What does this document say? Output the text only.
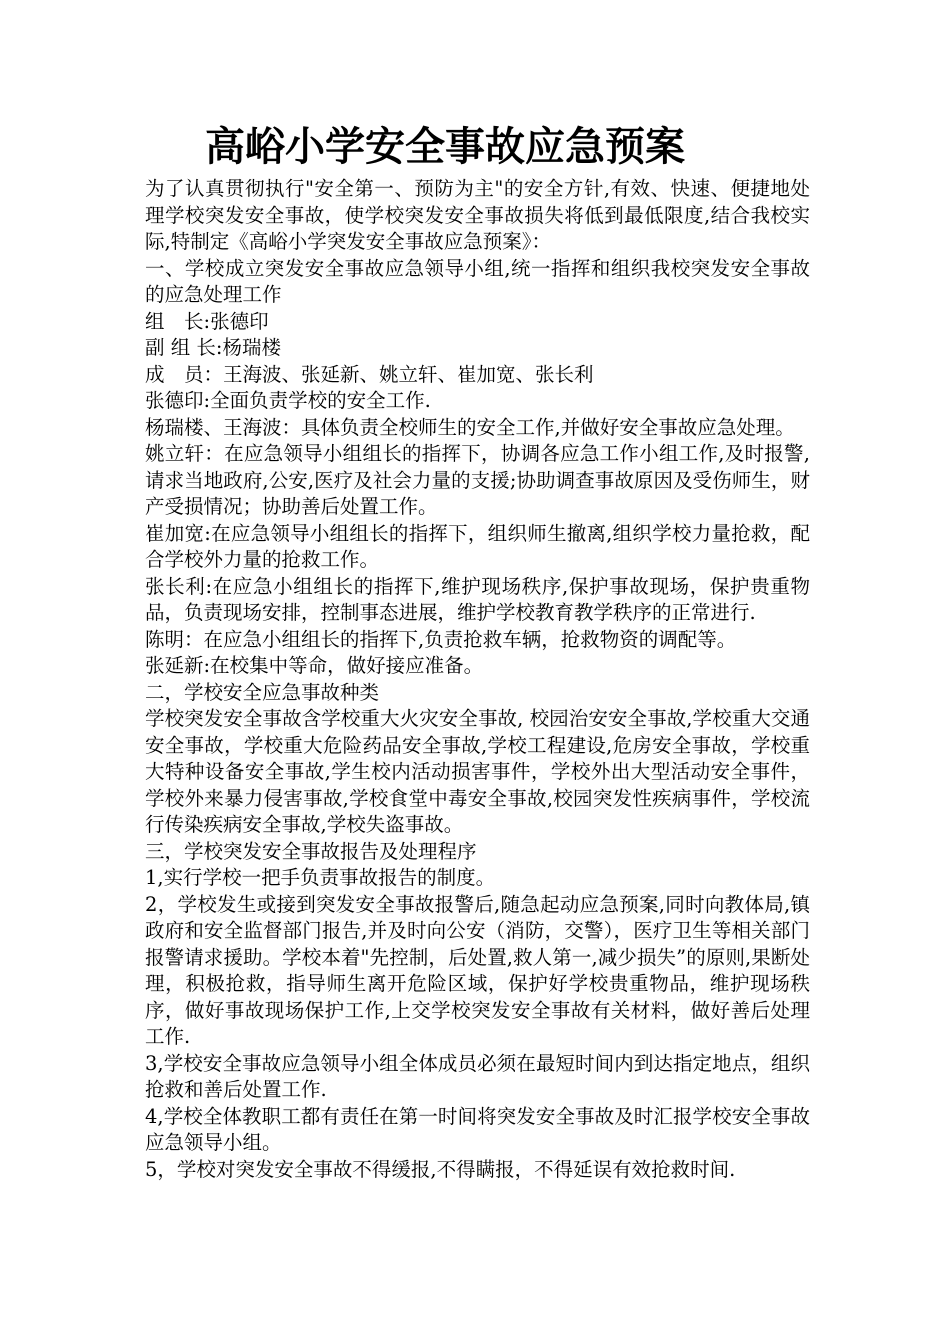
高峪小学安全事故应急预案

为了认真贯彻执行"安全第一、预防为主"的安全方针,有效、快速、便捷地处理学校突发安全事故，使学校突发安全事故损失将低到最低限度,结合我校实际,特制定《高峪小学突发安全事故应急预案》：

一、学校成立突发安全事故应急领导小组,统一指挥和组织我校突发安全事故的应急处理工作

组　长:张德印

副 组 长:杨瑞楼

成　员：王海波、张延新、姚立轩、崔加宽、张长利

张德印:全面负责学校的安全工作.

杨瑞楼、王海波：具体负责全校师生的安全工作,并做好安全事故应急处理。

姚立轩：在应急领导小组组长的指挥下，协调各应急工作小组工作,及时报警,请求当地政府,公安,医疗及社会力量的支援;协助调查事故原因及受伤师生，财产受损情况；协助善后处置工作。

崔加宽:在应急领导小组组长的指挥下，组织师生撤离,组织学校力量抢救，配合学校外力量的抢救工作。

张长利:在应急小组组长的指挥下,维护现场秩序,保护事故现场，保护贵重物品，负责现场安排，控制事态进展，维护学校教育教学秩序的正常进行.

陈明：在应急小组组长的指挥下,负责抢救车辆，抢救物资的调配等。

张延新:在校集中等命，做好接应准备。

二，学校安全应急事故种类

学校突发安全事故含学校重大火灾安全事故, 校园治安安全事故,学校重大交通安全事故，学校重大危险药品安全事故,学校工程建设,危房安全事故，学校重大特种设备安全事故,学生校内活动损害事件，学校外出大型活动安全事件，学校外来暴力侵害事故,学校食堂中毒安全事故,校园突发性疾病事件，学校流行传染疾病安全事故,学校失盗事故。

三，学校突发安全事故报告及处理程序

1,实行学校一把手负责事故报告的制度。

2，学校发生或接到突发安全事故报警后,随急起动应急预案,同时向教体局,镇政府和安全监督部门报告,并及时向公安（消防，交警），医疗卫生等相关部门报警请求援助。学校本着"先控制，后处置,救人第一,减少损失”的原则,果断处理，积极抢救，指导师生离开危险区域，保护好学校贵重物品，维护现场秩序，做好事故现场保护工作,上交学校突发安全事故有关材料，做好善后处理工作.

3,学校安全事故应急领导小组全体成员必须在最短时间内到达指定地点，组织抢救和善后处置工作.

4,学校全体教职工都有责任在第一时间将突发安全事故及时汇报学校安全事故应急领导小组。

5，学校对突发安全事故不得缓报,不得瞒报，不得延误有效抢救时间.
